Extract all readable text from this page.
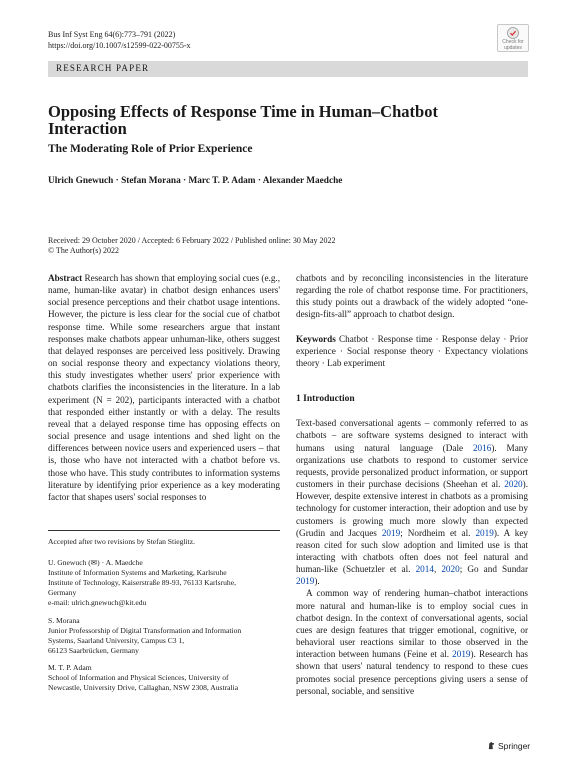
Bus Inf Syst Eng 64(6):773–791 (2022)
https://doi.org/10.1007/s12599-022-00755-x	Check for
updates
RESEARCH PAPER
Opposing Effects of Response Time in Human–Chatbot Interaction
The Moderating Role of Prior Experience
Ulrich Gnewuch · Stefan Morana · Marc T. P. Adam · Alexander Maedche
Received: 29 October 2020 / Accepted: 6 February 2022 / Published online: 30 May 2022
© The Author(s) 2022

Abstract Research has shown that employing social cues (e.g., name, human-like avatar) in chatbot design enhances users' social presence perceptions and their chatbot usage intentions. However, the picture is less clear for the social cue of chatbot response time. While some researchers argue that instant responses make chatbots appear unhuman-like, others suggest that delayed responses are perceived less positively. Drawing on social response theory and expectancy violations theory, this study investigates whether users' prior experience with chatbots clarifies the inconsistencies in the literature. In a lab experiment (N = 202), participants interacted with a chatbot that responded either instantly or with a delay. The results reveal that a delayed response time has opposing effects on social presence and usage intentions and shed light on the differences between novice users and experienced users – that is, those who have not interacted with a chatbot before vs. those who have. This study contributes to information systems literature by identifying prior experience as a key moderating factor that shapes users' social responses to

Accepted after two revisions by Stefan Stieglitz.
U. Gnewuch (✉) · A. Maedche
Institute of Information Systems and Marketing, Karlsruhe
Institute of Technology, Kaiserstraße 89-93, 76133 Karlsruhe,
Germany
e-mail: ulrich.gnewuch@kit.edu
S. Morana
Junior Professorship of Digital Transformation and Information
Systems, Saarland University, Campus C3 1,
66123 Saarbrücken, Germany
M. T. P. Adam
School of Information and Physical Sciences, University of
Newcastle, University Drive, Callaghan, NSW 2308, Australia

chatbots and by reconciling inconsistencies in the literature regarding the role of chatbot response time. For practitioners, this study points out a drawback of the widely adopted “one-design-fits-all” approach to chatbot design.

Keywords Chatbot · Response time · Response delay · Prior experience · Social response theory · Expectancy violations theory · Lab experiment

1 Introduction

Text-based conversational agents – commonly referred to as chatbots – are software systems designed to interact with humans using natural language (Dale 2016). Many organizations use chatbots to respond to customer service requests, provide personalized product information, or support customers in their purchase decisions (Sheehan et al. 2020). However, despite extensive interest in chatbots as a promising technology for customer interaction, their adoption and use by customers is growing much more slowly than expected (Grudin and Jacques 2019; Nordheim et al. 2019). A key reason cited for such slow adoption and limited use is that interacting with chatbots often does not feel natural and human-like (Schuetzler et al. 2014, 2020; Go and Sundar 2019).

A common way of rendering human–chatbot interactions more natural and human-like is to employ social cues in chatbot design. In the context of conversational agents, social cues are design features that trigger emotional, cognitive, or behavioral user reactions similar to those observed in the interaction between humans (Feine et al. 2019). Research has shown that users' natural tendency to respond to these cues promotes social presence perceptions giving users a sense of personal, sociable, and sensitive

Springer
